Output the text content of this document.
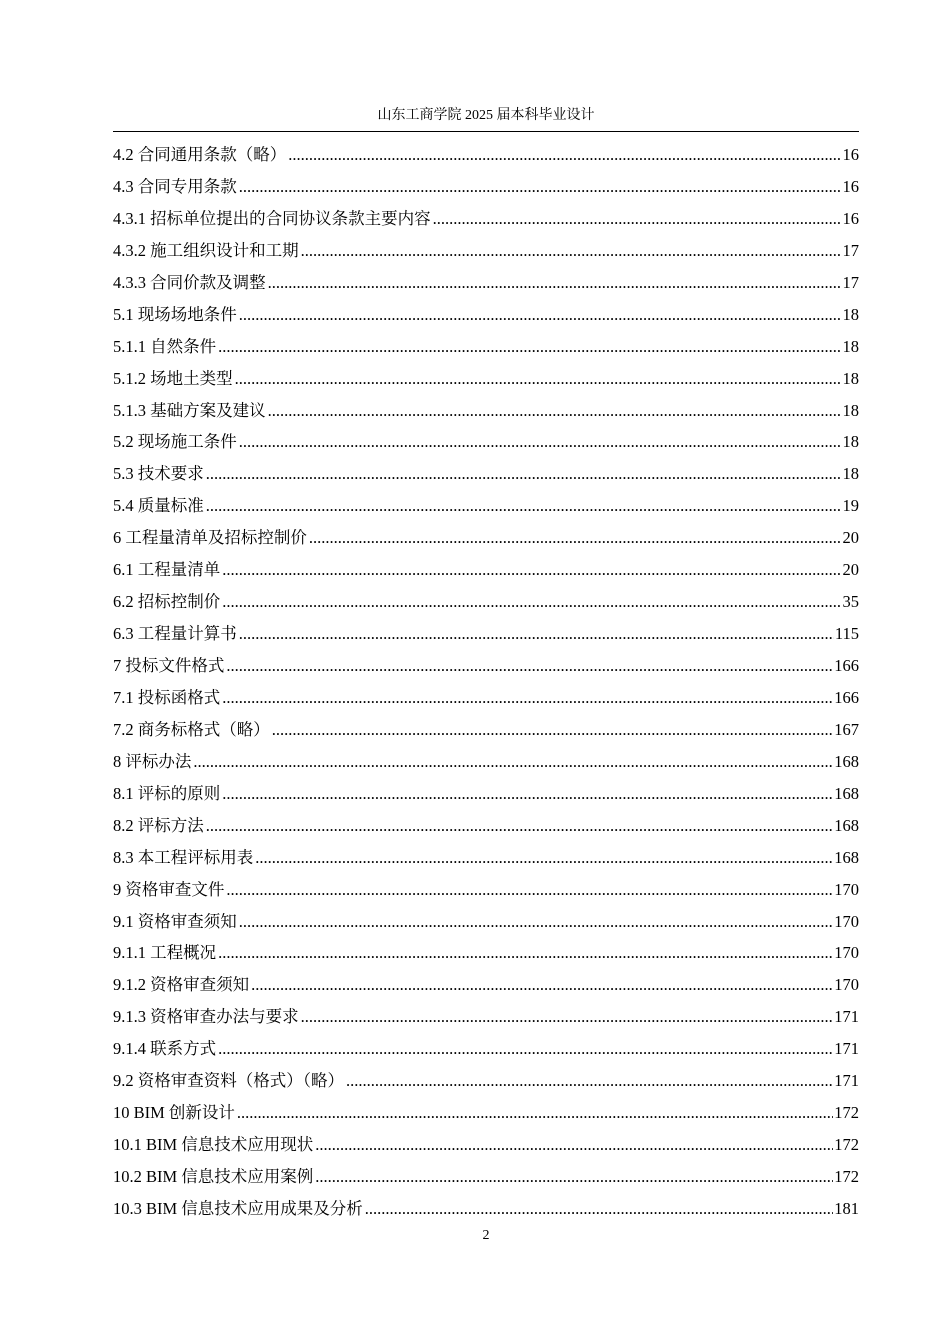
山东工商学院 2025 届本科毕业设计
4.2 合同通用条款（略） .....	16
4.3 合同专用条款 .....	16
4.3.1 招标单位提出的合同协议条款主要内容 .....	16
4.3.2 施工组织设计和工期 .....	17
4.3.3 合同价款及调整 .....	17
5.1 现场场地条件 .....	18
5.1.1 自然条件 .....	18
5.1.2 场地土类型 .....	18
5.1.3 基础方案及建议 .....	18
5.2 现场施工条件 .....	18
5.3 技术要求 .....	18
5.4 质量标准 .....	19
6 工程量清单及招标控制价 .....	20
6.1 工程量清单 .....	20
6.2 招标控制价 .....	35
6.3 工程量计算书 .....	115
7 投标文件格式 .....	166
7.1 投标函格式 .....	166
7.2 商务标格式（略） .....	167
8 评标办法 .....	168
8.1 评标的原则 .....	168
8.2 评标方法 .....	168
8.3 本工程评标用表 .....	168
9 资格审查文件 .....	170
9.1 资格审查须知 .....	170
9.1.1 工程概况 .....	170
9.1.2 资格审查须知 .....	170
9.1.3 资格审查办法与要求 .....	171
9.1.4 联系方式 .....	171
9.2 资格审查资料（格式）（略） .....	171
10 BIM 创新设计 .....	172
10.1 BIM 信息技术应用现状 .....	172
10.2 BIM 信息技术应用案例 .....	172
10.3 BIM 信息技术应用成果及分析 .....	181
2
